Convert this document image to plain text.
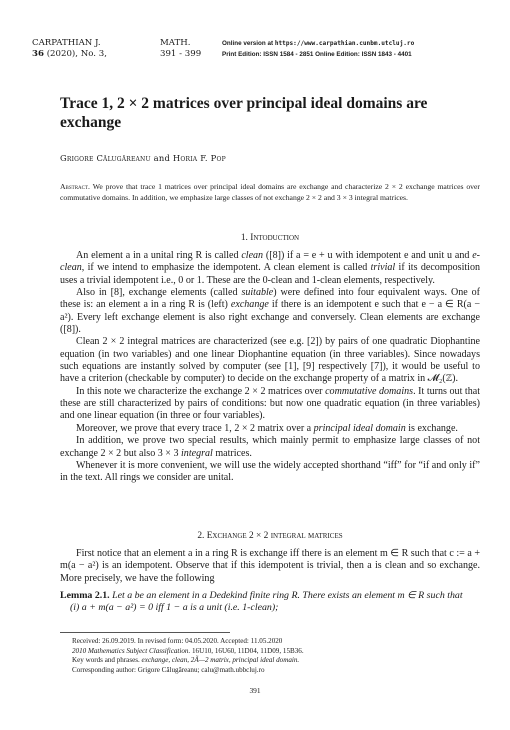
CARPATHIAN J.
36 (2020), No. 3,
MATH.
391 - 399
Online version at https://www.carpathian.cunbm.utcluj.ro
Print Edition: ISSN 1584 - 2851 Online Edition: ISSN 1843 - 4401
Trace 1, 2 × 2 matrices over principal ideal domains are exchange
Grigore Călugăreanu and Horia F. Pop
Abstract. We prove that trace 1 matrices over principal ideal domains are exchange and characterize 2 × 2 exchange matrices over commutative domains. In addition, we emphasize large classes of not exchange 2 × 2 and 3 × 3 integral matrices.
1. Intoduction

An element a in a unital ring R is called clean ([8]) if a = e + u with idempotent e and unit u and e-clean, if we intend to emphasize the idempotent. A clean element is called trivial if its decomposition uses a trivial idempotent i.e., 0 or 1. These are the 0-clean and 1-clean elements, respectively.

Also in [8], exchange elements (called suitable) were defined into four equivalent ways. One of these is: an element a in a ring R is (left) exchange if there is an idempotent e such that e − a ∈ R(a − a²). Every left exchange element is also right exchange and conversely. Clean elements are exchange ([8]).

Clean 2 × 2 integral matrices are characterized (see e.g. [2]) by pairs of one quadratic Diophantine equation (in two variables) and one linear Diophantine equation (in three variables). Since nowadays such equations are instantly solved by computer (see [1], [9] respectively [7]), it would be useful to have a criterion (checkable by computer) to decide on the exchange property of a matrix in 𝓜₂(ℤ).

In this note we characterize the exchange 2 × 2 matrices over commutative domains. It turns out that these are still characterized by pairs of conditions: but now one quadratic equation (in three variables) and one linear equation (in three or four variables).

Moreover, we prove that every trace 1, 2 × 2 matrix over a principal ideal domain is exchange.

In addition, we prove two special results, which mainly permit to emphasize large classes of not exchange 2 × 2 but also 3 × 3 integral matrices.

Whenever it is more convenient, we will use the widely accepted shorthand “iff” for “if and only if” in the text. All rings we consider are unital.

2. Exchange 2 × 2 integral matrices

First notice that an element a in a ring R is exchange iff there is an element m ∈ R such that c := a + m(a − a²) is an idempotent. Observe that if this idempotent is trivial, then a is clean and so exchange. More precisely, we have the following

Lemma 2.1. Let a be an element in a Dedekind finite ring R. There exists an element m ∈ R such that
(i) a + m(a − a²) = 0 iff 1 − a is a unit (i.e. 1-clean);
Received: 26.09.2019. In revised form: 04.05.2020. Accepted: 11.05.2020
2010 Mathematics Subject Classification. 16U10, 16U60, 11D04, 11D09, 15B36.
Key words and phrases. exchange, clean, 2Ã—2 matrix, principal ideal domain.
Corresponding author: Grigore Călugăreanu; calu@math.ubbcluj.ro
391
